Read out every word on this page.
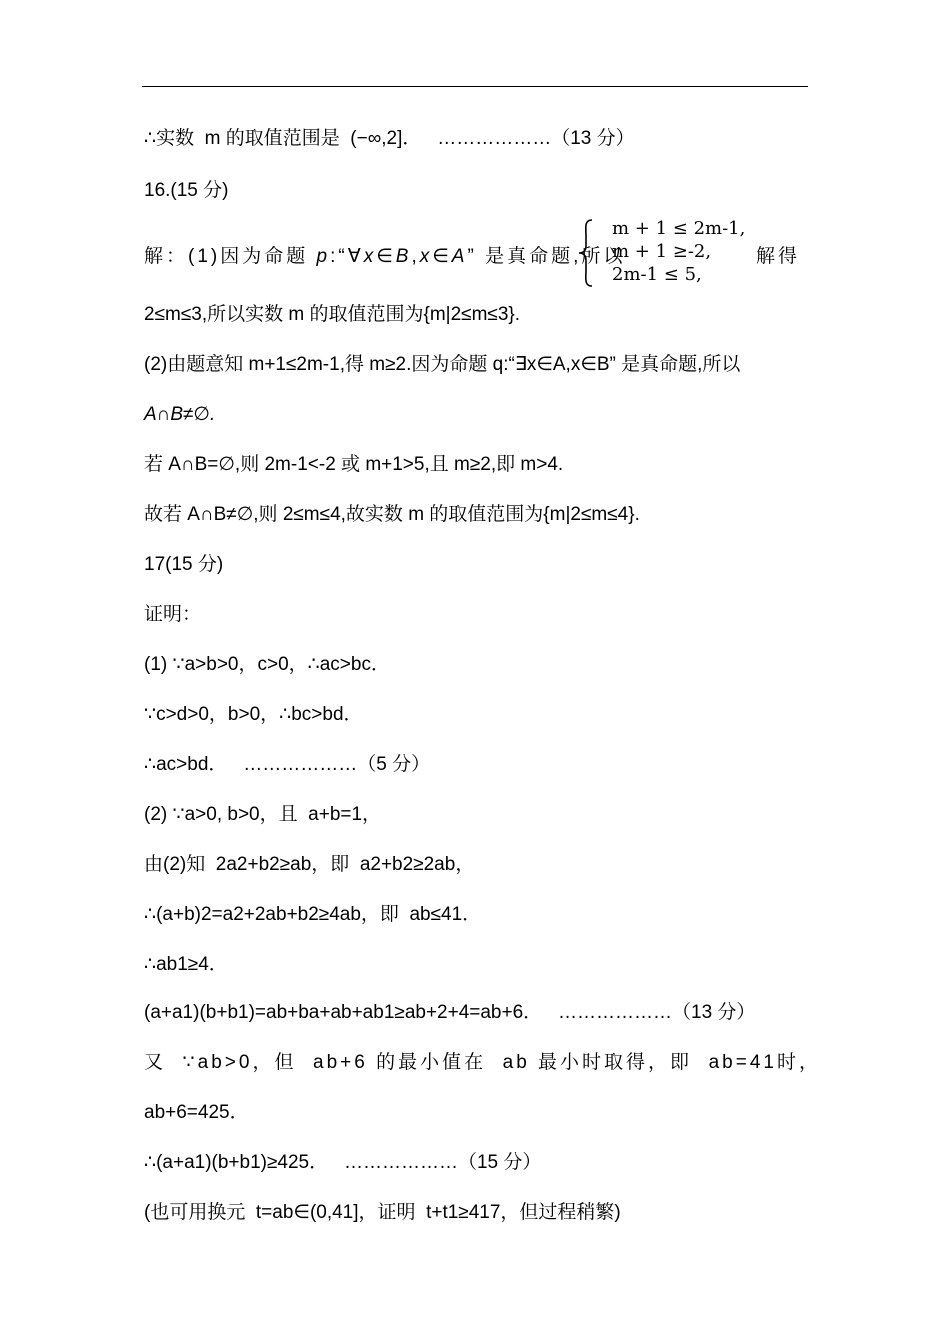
∴实数  m 的取值范围是  (−∞,2]．   ………………（13 分）
16.(15 分)
解：(1)因为命题 p:“∀x∈B,x∈A” 是真命题,所以
m + 1 ≤ 2m-1,
m + 1 ≥-2,
2m-1 ≤ 5,
解得
2≤m≤3,所以实数 m 的取值范围为{m|2≤m≤3}.
(2)由题意知 m+1≤2m-1,得 m≥2.因为命题 q:“∃x∈A,x∈B” 是真命题,所以
A∩B≠∅.
若 A∩B=∅,则 2m-1<-2 或 m+1>5,且 m≥2,即 m>4.
故若 A∩B≠∅,则 2≤m≤4,故实数 m 的取值范围为{m|2≤m≤4}.
17(15 分)
证明：
(1) ∵a>b>0，c>0，∴ac>bc．
∵c>d>0，b>0，∴bc>bd．
∴ac>bd．   ………………（5 分）
(2) ∵a>0, b>0，且  a+b=1，
由(2)知  2a2+b2≥ab，即  a2+b2≥2ab，
∴(a+b)2=a2+2ab+b2≥4ab，即  ab≤41．
∴ab1≥4．
(a+a1)(b+b1)=ab+ba+ab+ab1≥ab+2+4=ab+6．   ………………（13 分）
又  ∵ab>0，但  ab+6 的最小值在  ab 最小时取得，即  ab=41时，
ab+6=425．
∴(a+a1)(b+b1)≥425．   ………………（15 分）
(也可用换元  t=ab∈(0,41]，证明  t+t1≥417，但过程稍繁)
